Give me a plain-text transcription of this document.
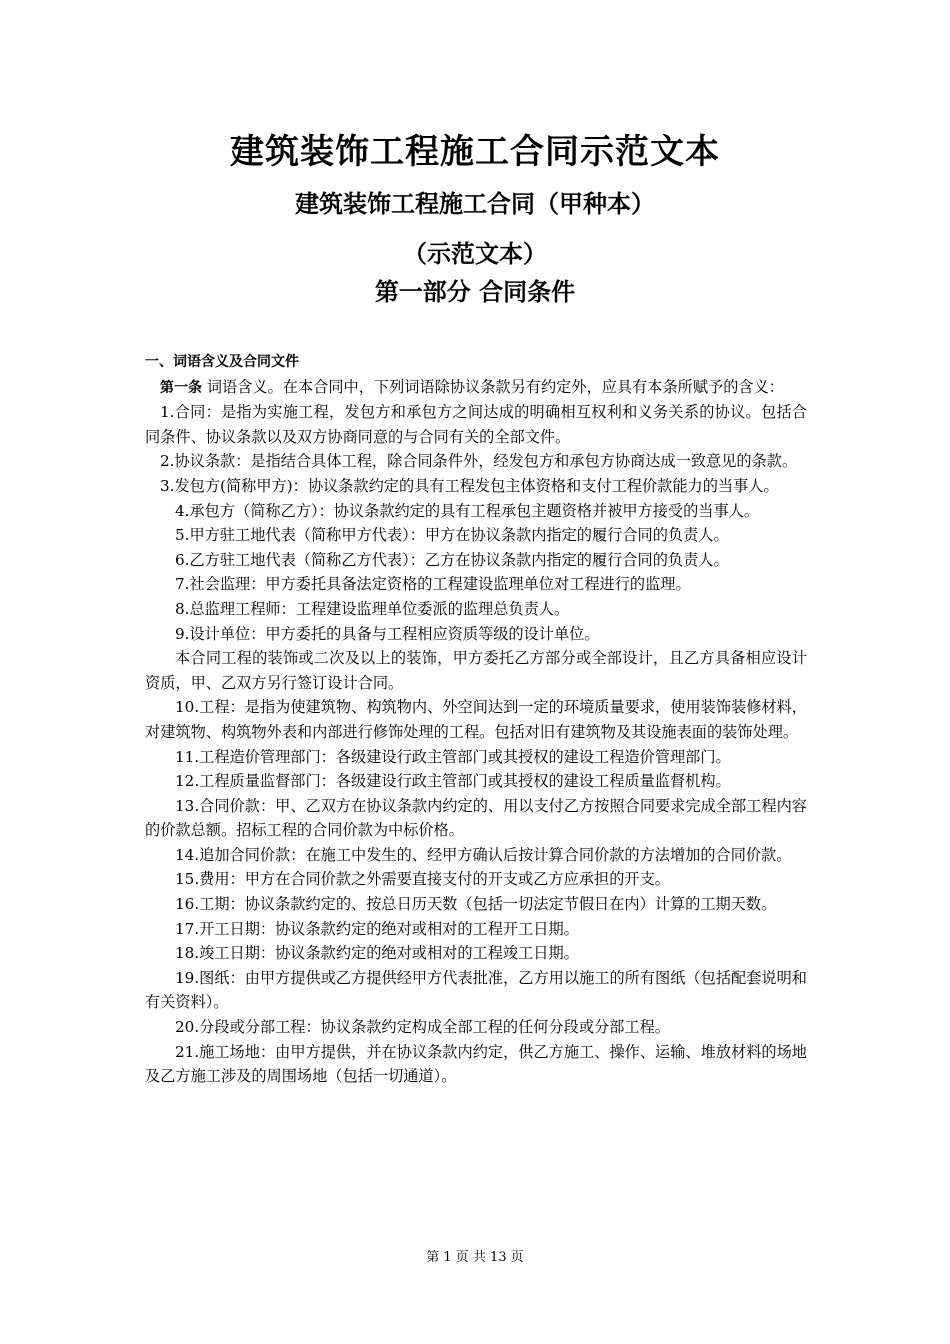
建筑装饰工程施工合同示范文本
建筑装饰工程施工合同（甲种本）
（示范文本）
第一部分 合同条件

一、词语含义及合同文件

第一条 词语含义。在本合同中，下列词语除协议条款另有约定外，应具有本条所赋予的含义：

1.合同：是指为实施工程，发包方和承包方之间达成的明确相互权利和义务关系的协议。包括合同条件、协议条款以及双方协商同意的与合同有关的全部文件。

2.协议条款：是指结合具体工程，除合同条件外，经发包方和承包方协商达成一致意见的条款。

3.发包方(简称甲方)：协议条款约定的具有工程发包主体资格和支付工程价款能力的当事人。

4.承包方（简称乙方）：协议条款约定的具有工程承包主题资格并被甲方接受的当事人。

5.甲方驻工地代表（简称甲方代表）：甲方在协议条款内指定的履行合同的负责人。

6.乙方驻工地代表（简称乙方代表）：乙方在协议条款内指定的履行合同的负责人。

7.社会监理：甲方委托具备法定资格的工程建设监理单位对工程进行的监理。

8.总监理工程师：工程建设监理单位委派的监理总负责人。

9.设计单位：甲方委托的具备与工程相应资质等级的设计单位。

本合同工程的装饰或二次及以上的装饰，甲方委托乙方部分或全部设计，且乙方具备相应设计资质，甲、乙双方另行签订设计合同。

10.工程：是指为使建筑物、构筑物内、外空间达到一定的环境质量要求，使用装饰装修材料，对建筑物、构筑物外表和内部进行修饰处理的工程。包括对旧有建筑物及其设施表面的装饰处理。

11.工程造价管理部门：各级建设行政主管部门或其授权的建设工程造价管理部门。

12.工程质量监督部门：各级建设行政主管部门或其授权的建设工程质量监督机构。

13.合同价款：甲、乙双方在协议条款内约定的、用以支付乙方按照合同要求完成全部工程内容的价款总额。招标工程的合同价款为中标价格。

14.追加合同价款：在施工中发生的、经甲方确认后按计算合同价款的方法增加的合同价款。

15.费用：甲方在合同价款之外需要直接支付的开支或乙方应承担的开支。

16.工期：协议条款约定的、按总日历天数（包括一切法定节假日在内）计算的工期天数。

17.开工日期：协议条款约定的绝对或相对的工程开工日期。

18.竣工日期：协议条款约定的绝对或相对的工程竣工日期。

19.图纸：由甲方提供或乙方提供经甲方代表批准，乙方用以施工的所有图纸（包括配套说明和有关资料）。

20.分段或分部工程：协议条款约定构成全部工程的任何分段或分部工程。

21.施工场地：由甲方提供，并在协议条款内约定，供乙方施工、操作、运输、堆放材料的场地及乙方施工涉及的周围场地（包括一切通道）。

第 1 页 共 13 页
